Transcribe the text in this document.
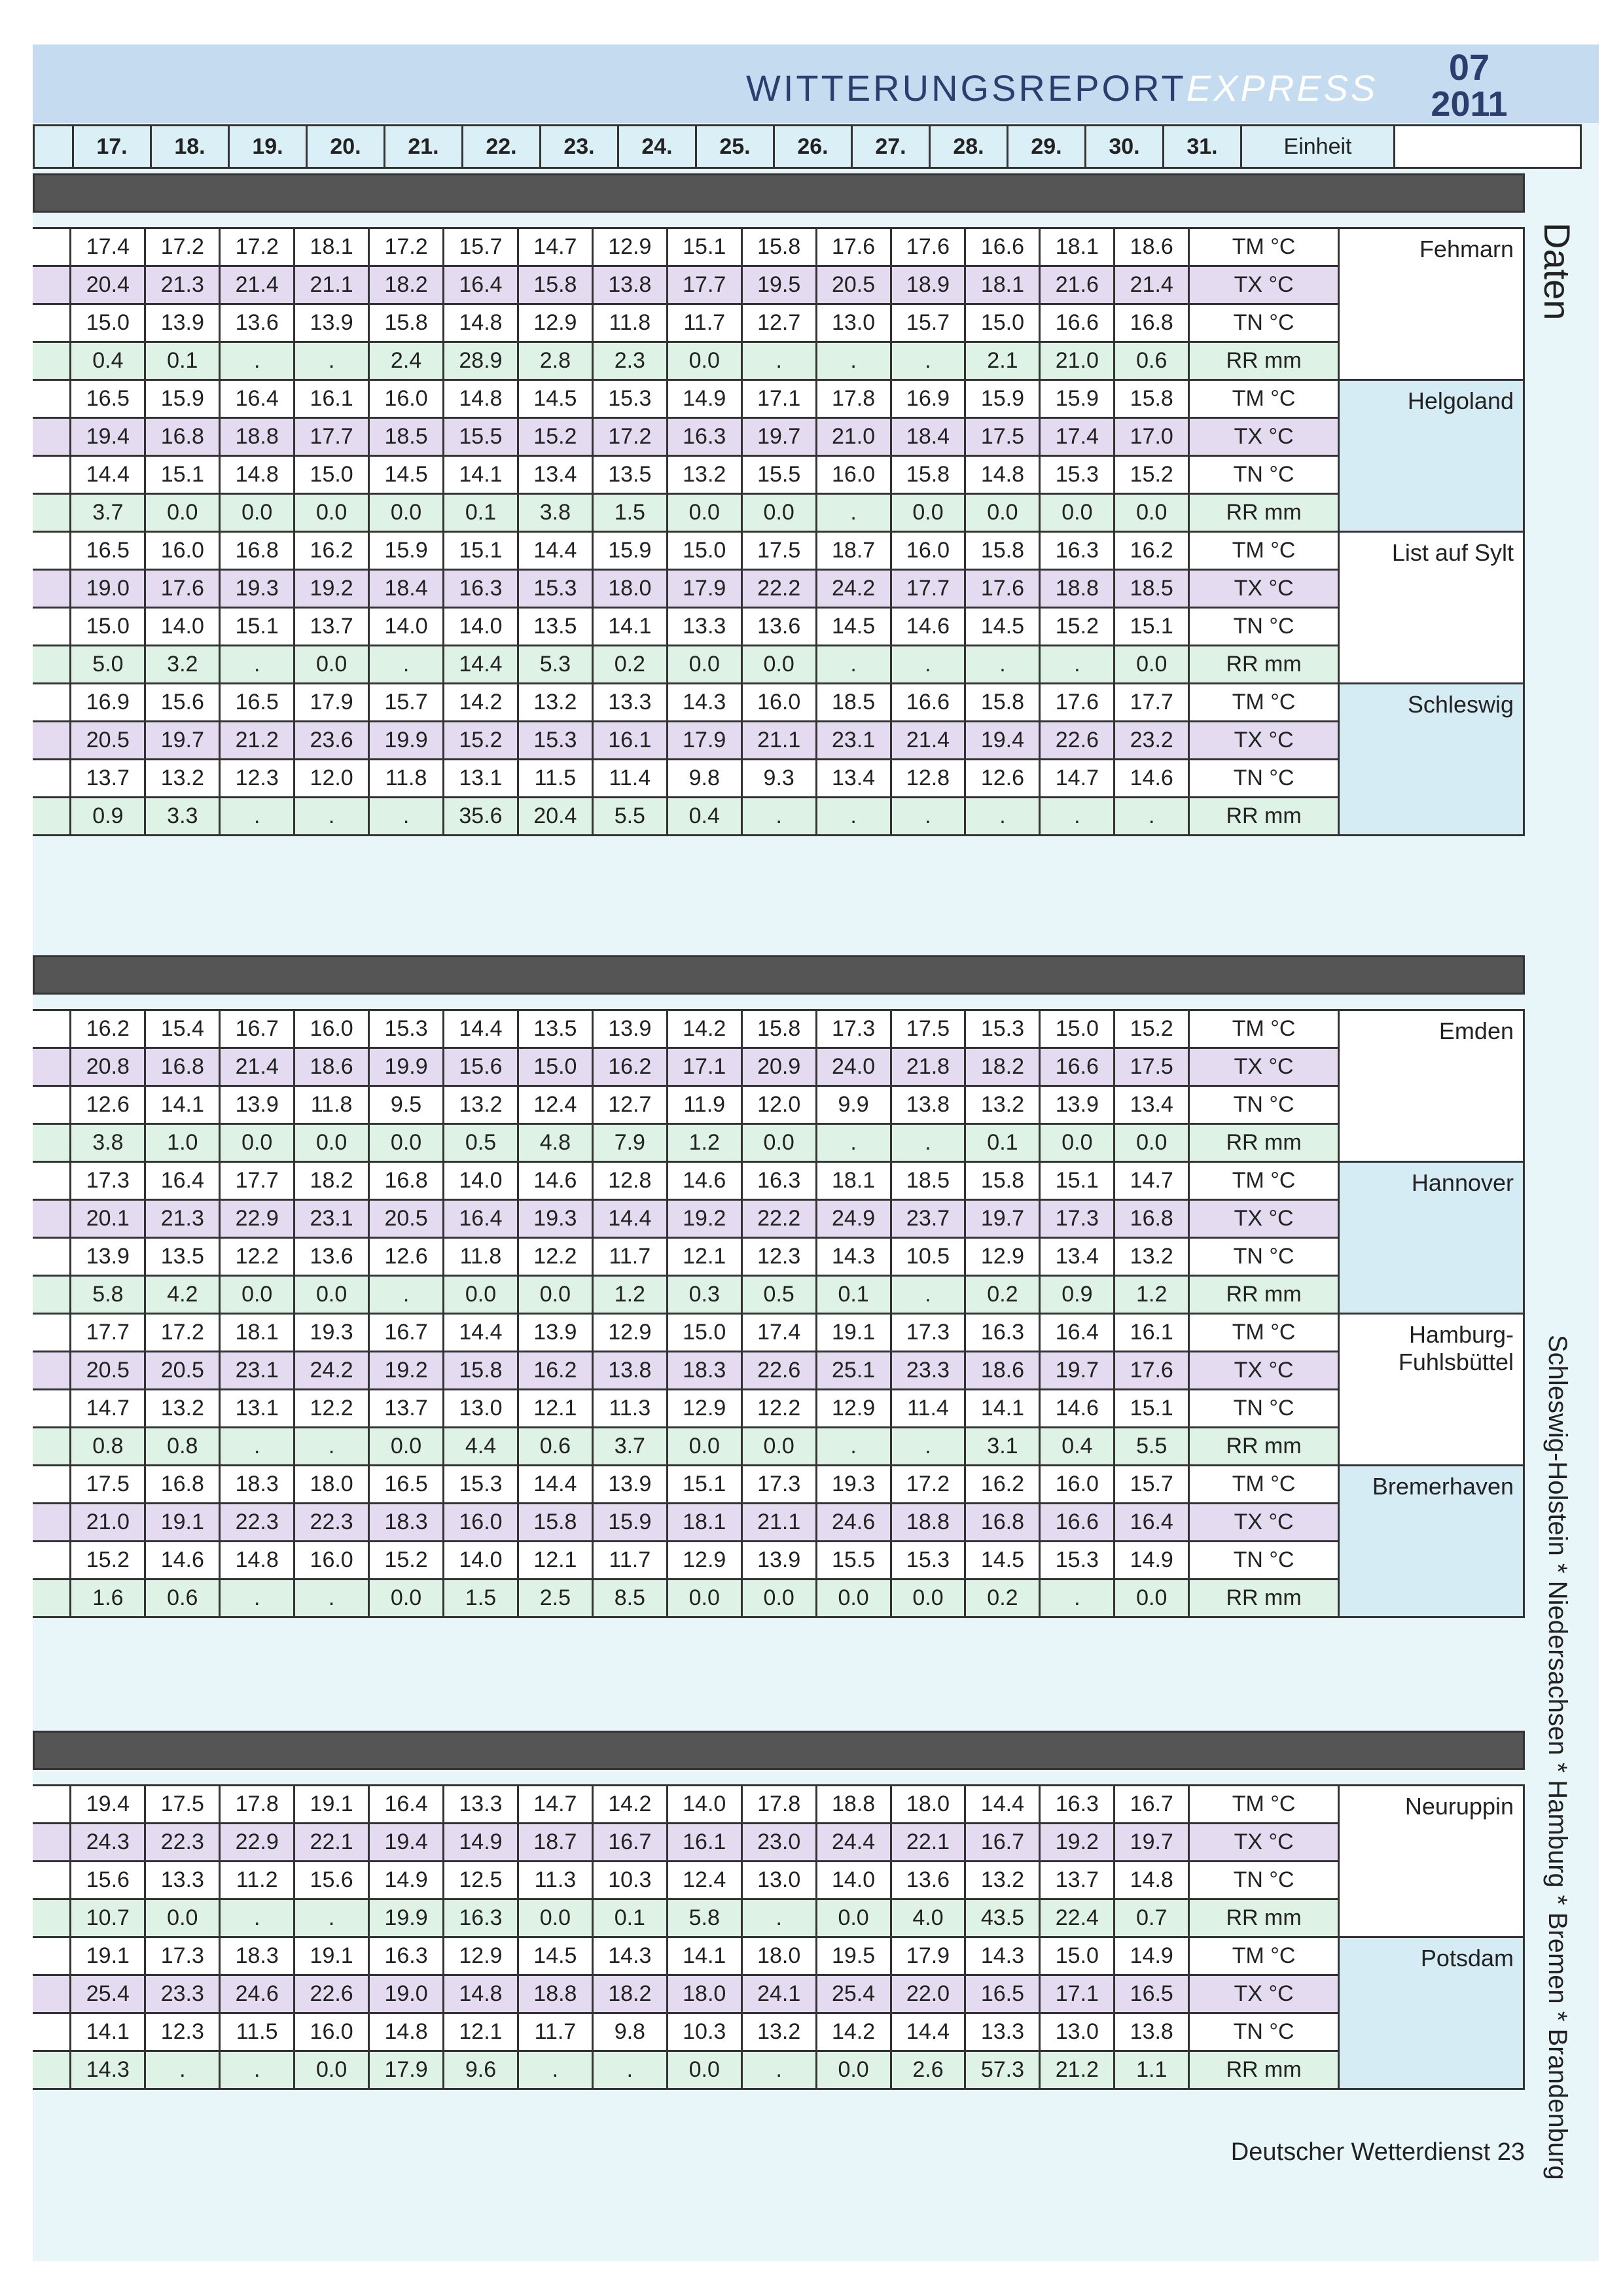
WITTERUNGSREPORTEXPRESS
07
2011
	17.	18.	19.	20.	21.	22.	23.	24.	25.	26.	27.	28.	29.	30.	31.	Einheit	
	17.4	17.2	17.2	18.1	17.2	15.7	14.7	12.9	15.1	15.8	17.6	17.6	16.6	18.1	18.6	TM °C	Fehmarn
	20.4	21.3	21.4	21.1	18.2	16.4	15.8	13.8	17.7	19.5	20.5	18.9	18.1	21.6	21.4	TX °C	
	15.0	13.9	13.6	13.9	15.8	14.8	12.9	11.8	11.7	12.7	13.0	15.7	15.0	16.6	16.8	TN °C	
	0.4	0.1	.	.	2.4	28.9	2.8	2.3	0.0	.	.	.	2.1	21.0	0.6	RR mm	
	16.5	15.9	16.4	16.1	16.0	14.8	14.5	15.3	14.9	17.1	17.8	16.9	15.9	15.9	15.8	TM °C	Helgoland
	19.4	16.8	18.8	17.7	18.5	15.5	15.2	17.2	16.3	19.7	21.0	18.4	17.5	17.4	17.0	TX °C	
	14.4	15.1	14.8	15.0	14.5	14.1	13.4	13.5	13.2	15.5	16.0	15.8	14.8	15.3	15.2	TN °C	
	3.7	0.0	0.0	0.0	0.0	0.1	3.8	1.5	0.0	0.0	.	0.0	0.0	0.0	0.0	RR mm	
	16.5	16.0	16.8	16.2	15.9	15.1	14.4	15.9	15.0	17.5	18.7	16.0	15.8	16.3	16.2	TM °C	List auf Sylt
	19.0	17.6	19.3	19.2	18.4	16.3	15.3	18.0	17.9	22.2	24.2	17.7	17.6	18.8	18.5	TX °C	
	15.0	14.0	15.1	13.7	14.0	14.0	13.5	14.1	13.3	13.6	14.5	14.6	14.5	15.2	15.1	TN °C	
	5.0	3.2	.	0.0	.	14.4	5.3	0.2	0.0	0.0	.	.	.	.	0.0	RR mm	
	16.9	15.6	16.5	17.9	15.7	14.2	13.2	13.3	14.3	16.0	18.5	16.6	15.8	17.6	17.7	TM °C	Schleswig
	20.5	19.7	21.2	23.6	19.9	15.2	15.3	16.1	17.9	21.1	23.1	21.4	19.4	22.6	23.2	TX °C	
	13.7	13.2	12.3	12.0	11.8	13.1	11.5	11.4	9.8	9.3	13.4	12.8	12.6	14.7	14.6	TN °C	
	0.9	3.3	.	.	.	35.6	20.4	5.5	0.4	.	.	.	.	.	.	RR mm	
	16.2	15.4	16.7	16.0	15.3	14.4	13.5	13.9	14.2	15.8	17.3	17.5	15.3	15.0	15.2	TM °C	Emden
	20.8	16.8	21.4	18.6	19.9	15.6	15.0	16.2	17.1	20.9	24.0	21.8	18.2	16.6	17.5	TX °C	
	12.6	14.1	13.9	11.8	9.5	13.2	12.4	12.7	11.9	12.0	9.9	13.8	13.2	13.9	13.4	TN °C	
	3.8	1.0	0.0	0.0	0.0	0.5	4.8	7.9	1.2	0.0	.	.	0.1	0.0	0.0	RR mm	
	17.3	16.4	17.7	18.2	16.8	14.0	14.6	12.8	14.6	16.3	18.1	18.5	15.8	15.1	14.7	TM °C	Hannover
	20.1	21.3	22.9	23.1	20.5	16.4	19.3	14.4	19.2	22.2	24.9	23.7	19.7	17.3	16.8	TX °C	
	13.9	13.5	12.2	13.6	12.6	11.8	12.2	11.7	12.1	12.3	14.3	10.5	12.9	13.4	13.2	TN °C	
	5.8	4.2	0.0	0.0	.	0.0	0.0	1.2	0.3	0.5	0.1	.	0.2	0.9	1.2	RR mm	
	17.7	17.2	18.1	19.3	16.7	14.4	13.9	12.9	15.0	17.4	19.1	17.3	16.3	16.4	16.1	TM °C	Hamburg-Fuhlsbüttel
	20.5	20.5	23.1	24.2	19.2	15.8	16.2	13.8	18.3	22.6	25.1	23.3	18.6	19.7	17.6	TX °C	
	14.7	13.2	13.1	12.2	13.7	13.0	12.1	11.3	12.9	12.2	12.9	11.4	14.1	14.6	15.1	TN °C	
	0.8	0.8	.	.	0.0	4.4	0.6	3.7	0.0	0.0	.	.	3.1	0.4	5.5	RR mm	
	17.5	16.8	18.3	18.0	16.5	15.3	14.4	13.9	15.1	17.3	19.3	17.2	16.2	16.0	15.7	TM °C	Bremerhaven
	21.0	19.1	22.3	22.3	18.3	16.0	15.8	15.9	18.1	21.1	24.6	18.8	16.8	16.6	16.4	TX °C	
	15.2	14.6	14.8	16.0	15.2	14.0	12.1	11.7	12.9	13.9	15.5	15.3	14.5	15.3	14.9	TN °C	
	1.6	0.6	.	.	0.0	1.5	2.5	8.5	0.0	0.0	0.0	0.0	0.2	.	0.0	RR mm	
	19.4	17.5	17.8	19.1	16.4	13.3	14.7	14.2	14.0	17.8	18.8	18.0	14.4	16.3	16.7	TM °C	Neuruppin
	24.3	22.3	22.9	22.1	19.4	14.9	18.7	16.7	16.1	23.0	24.4	22.1	16.7	19.2	19.7	TX °C	
	15.6	13.3	11.2	15.6	14.9	12.5	11.3	10.3	12.4	13.0	14.0	13.6	13.2	13.7	14.8	TN °C	
	10.7	0.0	.	.	19.9	16.3	0.0	0.1	5.8	.	0.0	4.0	43.5	22.4	0.7	RR mm	
	19.1	17.3	18.3	19.1	16.3	12.9	14.5	14.3	14.1	18.0	19.5	17.9	14.3	15.0	14.9	TM °C	Potsdam
	25.4	23.3	24.6	22.6	19.0	14.8	18.8	18.2	18.0	24.1	25.4	22.0	16.5	17.1	16.5	TX °C	
	14.1	12.3	11.5	16.0	14.8	12.1	11.7	9.8	10.3	13.2	14.2	14.4	13.3	13.0	13.8	TN °C	
	14.3	.	.	0.0	17.9	9.6	.	.	0.0	.	0.0	2.6	57.3	21.2	1.1	RR mm	
Daten
Schleswig-Holstein * Niedersachsen * Hamburg * Bremen * Brandenburg
Deutscher Wetterdienst 23
